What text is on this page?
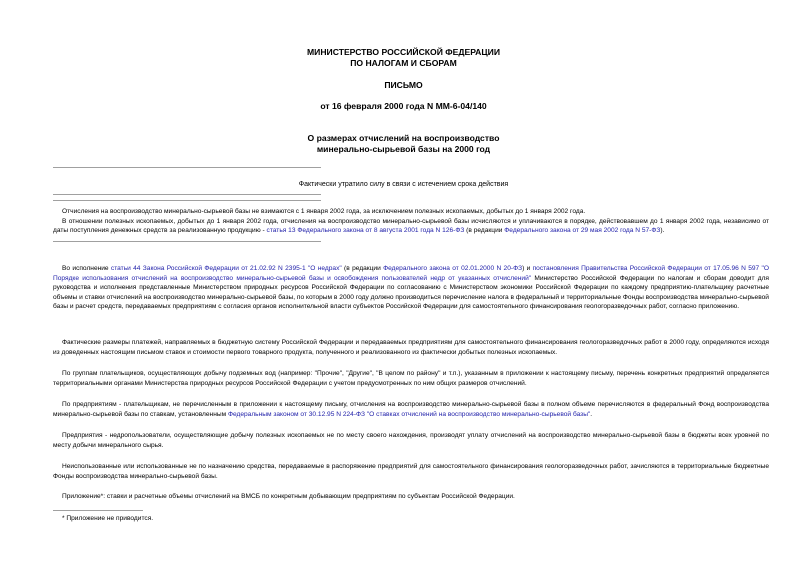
МИНИСТЕРСТВО РОССИЙСКОЙ ФЕДЕРАЦИИ
ПО НАЛОГАМ И СБОРАМ
ПИСЬМО
от 16 февраля 2000 года N ММ-6-04/140
О размерах отчислений на воспроизводство
минерально-сырьевой базы на 2000 год
Фактически утратило силу в связи с истечением срока действия

Отчисления на воспроизводство минерально-сырьевой базы не взимаются с 1 января 2002 года, за исключением полезных ископаемых, добытых до 1 января 2002 года.

В отношении полезных ископаемых, добытых до 1 января 2002 года, отчисления на воспроизводство минерально-сырьевой базы исчисляются и уплачиваются в порядке, действовавшем до 1 января 2002 года, независимо от даты поступления денежных средств за реализованную продукцию - статья 13 Федерального закона от 8 августа 2001 года N 126-ФЗ (в редакции Федерального закона от 29 мая 2002 года N 57-ФЗ).

Во исполнение статьи 44 Закона Российской Федерации от 21.02.92 N 2395-1 "О недрах" (в редакции Федерального закона от 02.01.2000 N 20-ФЗ) и постановления Правительства Российской Федерации от 17.05.96 N 597 "О Порядке использования отчислений на воспроизводство минерально-сырьевой базы и освобождения пользователей недр от указанных отчислений" Министерство Российской Федерации по налогам и сборам доводит для руководства и исполнения представленные Министерством природных ресурсов Российской Федерации по согласованию с Министерством экономики Российской Федерации по каждому предприятию-плательщику расчетные объемы и ставки отчислений на воспроизводство минерально-сырьевой базы, по которым в 2000 году должно производиться перечисление налога в федеральный и территориальные Фонды воспроизводства минерально-сырьевой базы и расчет средств, передаваемых предприятиям с согласия органов исполнительной власти субъектов Российской Федерации для самостоятельного финансирования геологоразведочных работ, согласно приложению.

Фактические размеры платежей, направляемых в бюджетную систему Российской Федерации и передаваемых предприятиям для самостоятельного финансирования геологоразведочных работ в 2000 году, определяются исходя из доведенных настоящим письмом ставок и стоимости первого товарного продукта, полученного и реализованного из фактически добытых полезных ископаемых.

По группам плательщиков, осуществляющих добычу подземных вод (например: "Прочие", "Другие", "В целом по району" и т.п.), указанным в приложении к настоящему письму, перечень конкретных предприятий определяется территориальными органами Министерства природных ресурсов Российской Федерации с учетом предусмотренных по ним общих размеров отчислений.

По предприятиям - плательщикам, не перечисленным в приложении к настоящему письму, отчисления на воспроизводство минерально-сырьевой базы в полном объеме перечисляются в федеральный Фонд воспроизводства минерально-сырьевой базы по ставкам, установленным Федеральным законом от 30.12.95 N 224-ФЗ "О ставках отчислений на воспроизводство минерально-сырьевой базы".

Предприятия - недропользователи, осуществляющие добычу полезных ископаемых не по месту своего нахождения, производят уплату отчислений на воспроизводство минерально-сырьевой базы в бюджеты всех уровней по месту добычи минерального сырья.

Неиспользованные или использованные не по назначению средства, передаваемые в распоряжение предприятий для самостоятельного финансирования геологоразведочных работ, зачисляются в территориальные бюджетные Фонды воспроизводства минерально-сырьевой базы.

Приложение*: ставки и расчетные объемы отчислений на ВМСБ по конкретным добывающим предприятиям по субъектам Российской Федерации.

* Приложение не приводится.
